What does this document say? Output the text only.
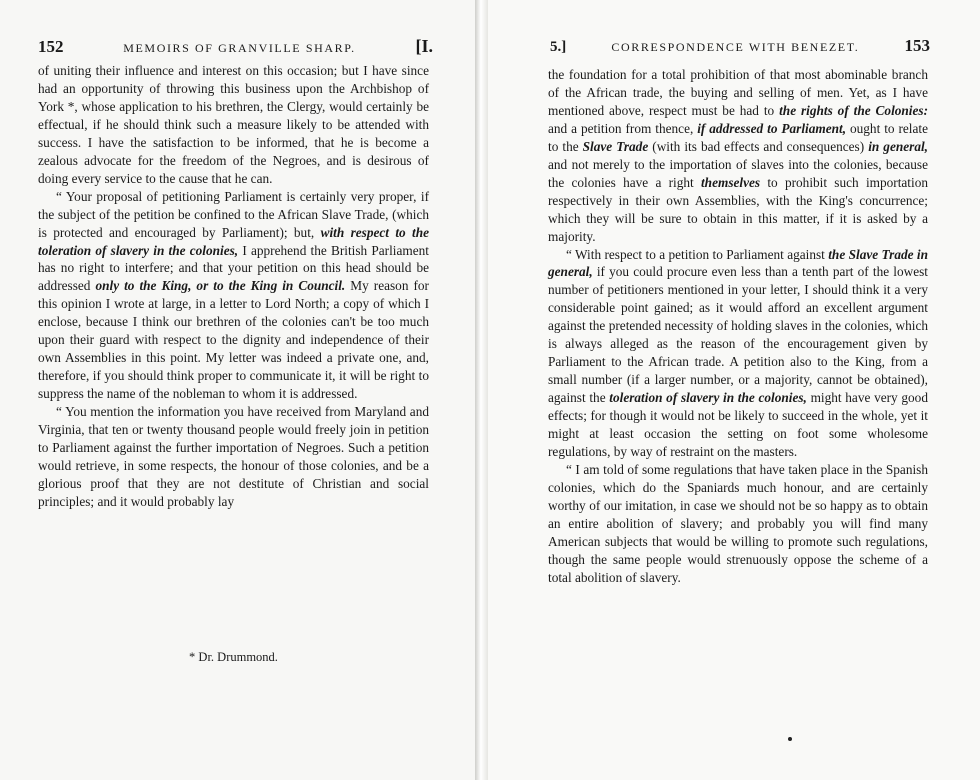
152	MEMOIRS OF GRANVILLE SHARP.	[I.

of uniting their influence and interest on this occasion; but I have since had an opportunity of throwing this business upon the Archbishop of York *, whose application to his brethren, the Clergy, would certainly be effectual, if he should think such a measure likely to be attended with success. I have the satisfaction to be informed, that he is become a zealous advocate for the freedom of the Negroes, and is desirous of doing every service to the cause that he can.

“ Your proposal of petitioning Parliament is certainly very proper, if the subject of the petition be confined to the African Slave Trade, (which is protected and encouraged by Parliament); but, with respect to the toleration of slavery in the colonies, I apprehend the British Parliament has no right to interfere; and that your petition on this head should be addressed only to the King, or to the King in Council. My reason for this opinion I wrote at large, in a letter to Lord North; a copy of which I enclose, because I think our brethren of the colonies can't be too much upon their guard with respect to the dignity and independence of their own Assemblies in this point. My letter was indeed a private one, and, therefore, if you should think proper to communicate it, it will be right to suppress the name of the nobleman to whom it is addressed.

“ You mention the information you have received from Maryland and Virginia, that ten or twenty thousand people would freely join in petition to Parliament against the further importation of Negroes. Such a petition would retrieve, in some respects, the honour of those colonies, and be a glorious proof that they are not destitute of Christian and social principles; and it would probably lay

* Dr. Drummond.
5.]	CORRESPONDENCE WITH BENEZET.	153

the foundation for a total prohibition of that most abominable branch of the African trade, the buying and selling of men. Yet, as I have mentioned above, respect must be had to the rights of the Colonies: and a petition from thence, if addressed to Parliament, ought to relate to the Slave Trade (with its bad effects and consequences) in general, and not merely to the importation of slaves into the colonies, because the colonies have a right themselves to prohibit such importation respectively in their own Assemblies, with the King's concurrence; which they will be sure to obtain in this matter, if it is asked by a majority.

“ With respect to a petition to Parliament against the Slave Trade in general, if you could procure even less than a tenth part of the lowest number of petitioners mentioned in your letter, I should think it a very considerable point gained; as it would afford an excellent argument against the pretended necessity of holding slaves in the colonies, which is always alleged as the reason of the encouragement given by Parliament to the African trade. A petition also to the King, from a small number (if a larger number, or a majority, cannot be obtained), against the toleration of slavery in the colonies, might have very good effects; for though it would not be likely to succeed in the whole, yet it might at least occasion the setting on foot some wholesome regulations, by way of restraint on the masters.

“ I am told of some regulations that have taken place in the Spanish colonies, which do the Spaniards much honour, and are certainly worthy of our imitation, in case we should not be so happy as to obtain an entire abolition of slavery; and probably you will find many American subjects that would be willing to promote such regulations, though the same people would strenuously oppose the scheme of a total abolition of slavery.
